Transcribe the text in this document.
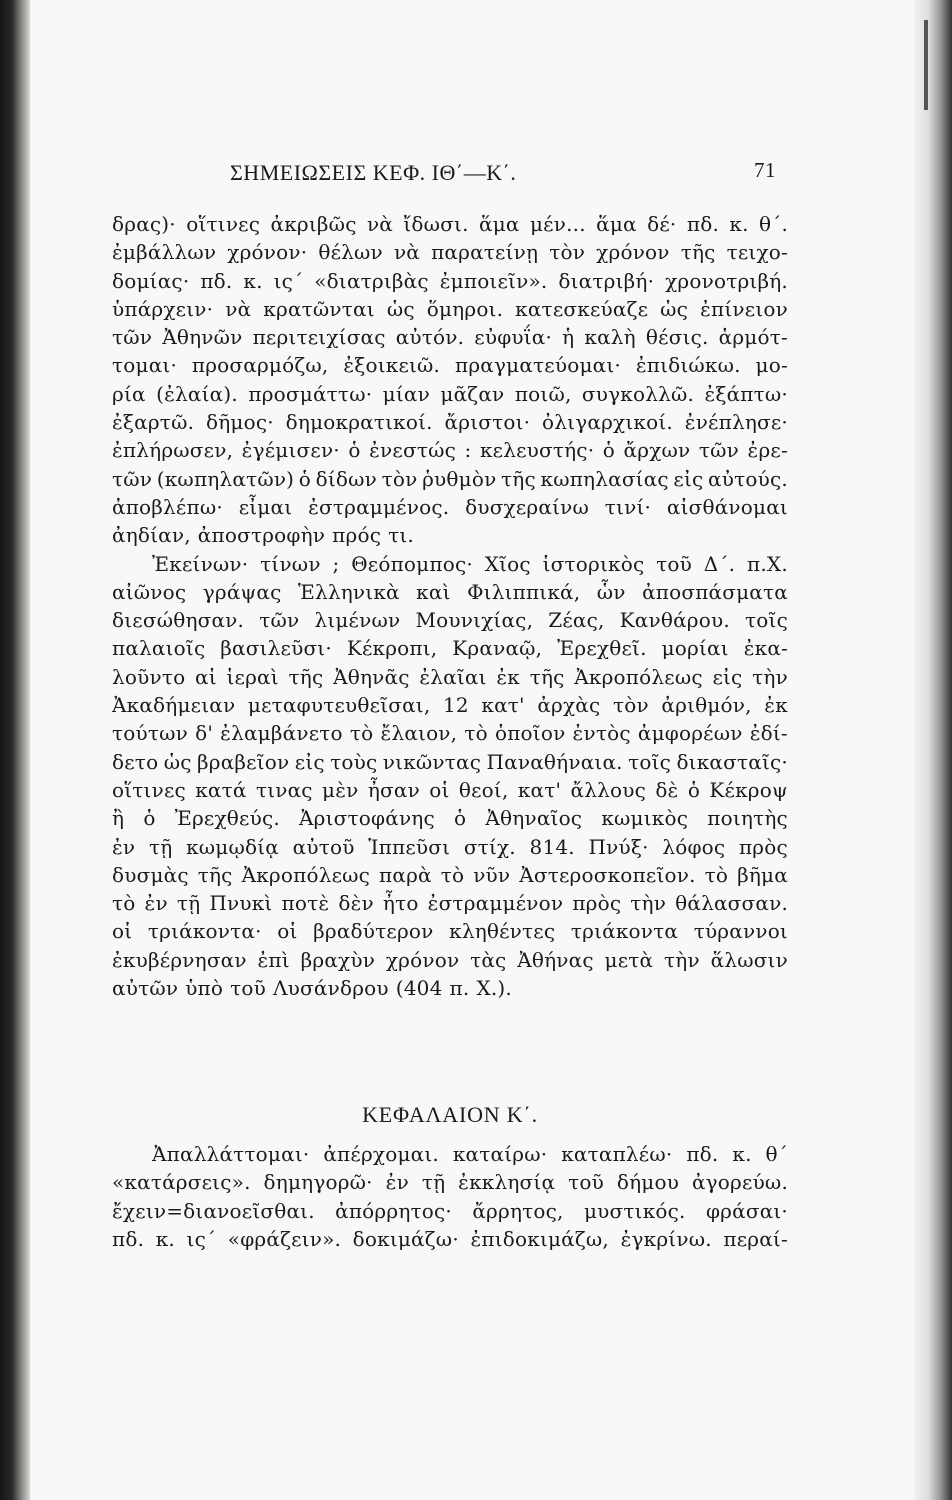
ΣΗΜΕΙΩΣΕΙΣ ΚΕΦ. ΙΘ΄—Κ΄.	71
δρας)· οἵτινες ἀκριβῶς νὰ ἴδωσι. ἅμα μέν... ἅμα δέ· πδ. κ. θ΄.
ἐμβάλλων χρόνον· θέλων νὰ παρατείνῃ τὸν χρόνον τῆς τειχο-
δομίας· πδ. κ. ις΄ «διατριβὰς ἐμποιεῖν». διατριβή· χρονοτριβή.
ὑπάρχειν· νὰ κρατῶνται ὡς ὅμηροι. κατεσκεύαζε ὡς ἐπίνειον
τῶν Ἀθηνῶν περιτειχίσας αὐτόν. εὐφυΐα· ἡ καλὴ θέσις. ἁρμότ-
τομαι· προσαρμόζω, ἐξοικειῶ. πραγματεύομαι· ἐπιδιώκω. μο-
ρία (ἐλαία). προσμάττω· μίαν μᾶζαν ποιῶ, συγκολλῶ. ἐξάπτω·
ἐξαρτῶ. δῆμος· δημοκρατικοί. ἄριστοι· ὀλιγαρχικοί. ἐνέπλησε·
ἐπλήρωσεν, ἐγέμισεν· ὁ ἐνεστώς : κελευστής· ὁ ἄρχων τῶν ἐρε-
τῶν (κωπηλατῶν) ὁ δίδων τὸν ῥυθμὸν τῆς κωπηλασίας εἰς αὐτούς.
ἀποβλέπω· εἶμαι ἐστραμμένος. δυσχεραίνω τινί· αἰσθάνομαι
ἀηδίαν, ἀποστροφὴν πρός τι.
Ἐκείνων· τίνων ; Θεόπομπος· Χῖος ἱστορικὸς τοῦ Δ΄. π.Χ.
αἰῶνος γράψας Ἑλληνικὰ καὶ Φιλιππικά, ὧν ἀποσπάσματα
διεσώθησαν. τῶν λιμένων Μουνιχίας, Ζέας, Κανθάρου. τοῖς
παλαιοῖς βασιλεῦσι· Κέκροπι, Κραναῷ, Ἐρεχθεῖ. μορίαι ἐκα-
λοῦντο αἱ ἱεραὶ τῆς Ἀθηνᾶς ἐλαῖαι ἐκ τῆς Ἀκροπόλεως εἰς τὴν
Ἀκαδήμειαν μεταφυτευθεῖσαι, 12 κατ' ἀρχὰς τὸν ἀριθμόν, ἐκ
τούτων δ' ἐλαμβάνετο τὸ ἔλαιον, τὸ ὁποῖον ἐντὸς ἀμφορέων ἐδί-
δετο ὡς βραβεῖον εἰς τοὺς νικῶντας Παναθήναια. τοῖς δικασταῖς·
οἵτινες κατά τινας μὲν ἦσαν οἱ θεοί, κατ' ἄλλους δὲ ὁ Κέκροψ
ἢ ὁ Ἐρεχθεύς. Ἀριστοφάνης ὁ Ἀθηναῖος κωμικὸς ποιητὴς
ἐν τῇ κωμῳδίᾳ αὐτοῦ Ἱππεῦσι στίχ. 814. Πνύξ· λόφος πρὸς
δυσμὰς τῆς Ἀκροπόλεως παρὰ τὸ νῦν Ἀστεροσκοπεῖον. τὸ βῆμα
τὸ ἐν τῇ Πνυκὶ ποτὲ δὲν ἦτο ἐστραμμένον πρὸς τὴν θάλασσαν.
οἱ τριάκοντα· οἱ βραδύτερον κληθέντες τριάκοντα τύραννοι
ἐκυβέρνησαν ἐπὶ βραχὺν χρόνον τὰς Ἀθήνας μετὰ τὴν ἅλωσιν
αὐτῶν ὑπὸ τοῦ Λυσάνδρου (404 π. Χ.).
ΚΕΦΑΛΑΙΟΝ Κ΄.
Ἀπαλλάττομαι· ἀπέρχομαι. καταίρω· καταπλέω· πδ. κ. θ΄
«κατάρσεις». δημηγορῶ· ἐν τῇ ἐκκλησίᾳ τοῦ δήμου ἀγορεύω.
ἔχειν=διανοεῖσθαι. ἀπόρρητος· ἄρρητος, μυστικός. φράσαι·
πδ. κ. ις΄ «φράζειν». δοκιμάζω· ἐπιδοκιμάζω, ἐγκρίνω. περαί-
